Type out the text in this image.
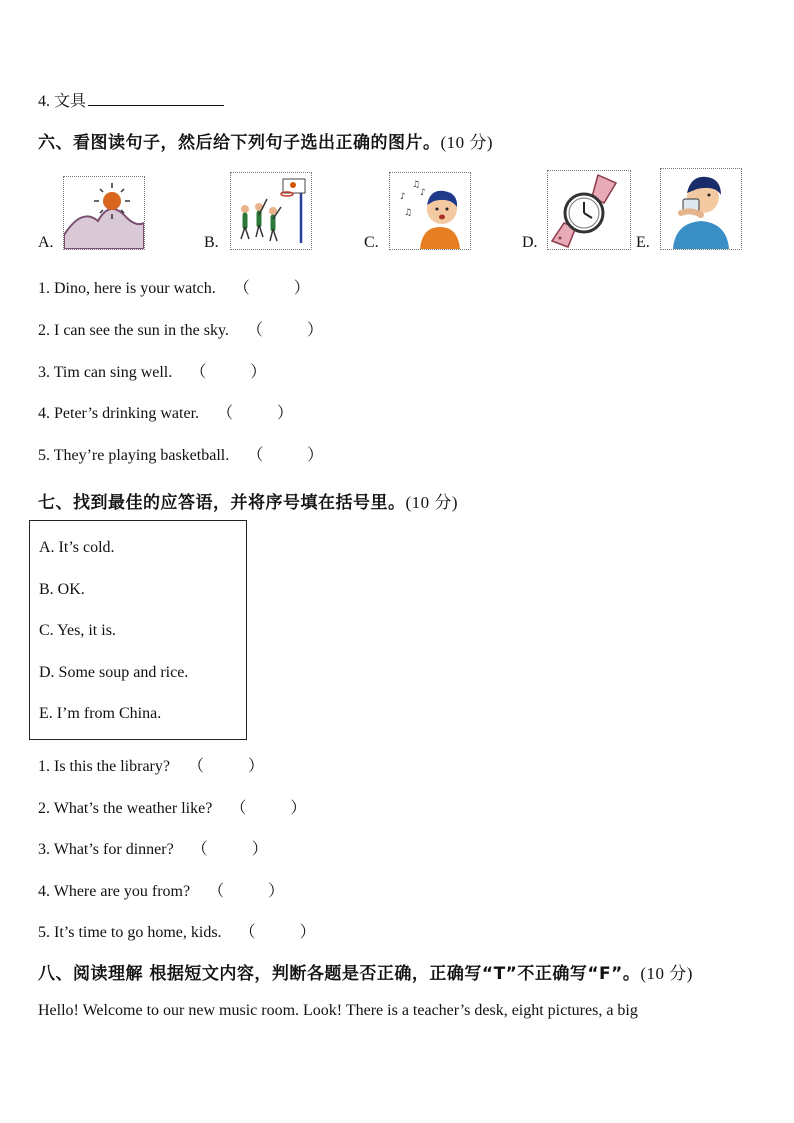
4. 文具
六、看图读句子，然后给下列句子选出正确的图片。(10 分)
A.	B.	C.
♪
♫
♪
♫
D.	E.
1. Dino, here is your watch. （	）
2. I can see the sun in the sky. （	）
3. Tim can sing well. （	）
4. Peter’s drinking water. （	）
5. They’re playing basketball. （	）
七、找到最佳的应答语，并将序号填在括号里。(10 分)
A. It’s cold.
B. OK.
C. Yes, it is.
D. Some soup and rice.
E. I’m from China.
1. Is this the library? （	）
2. What’s the weather like? （	）
3. What’s for dinner? （	）
4. Where are you from? （	）
5. It’s time to go home, kids. （	）
八、阅读理解 根据短文内容，判断各题是否正确，正确写“T”不正确写“F”。(10 分)
Hello! Welcome to our new music room. Look! There is a teacher’s desk, eight pictures, a big
